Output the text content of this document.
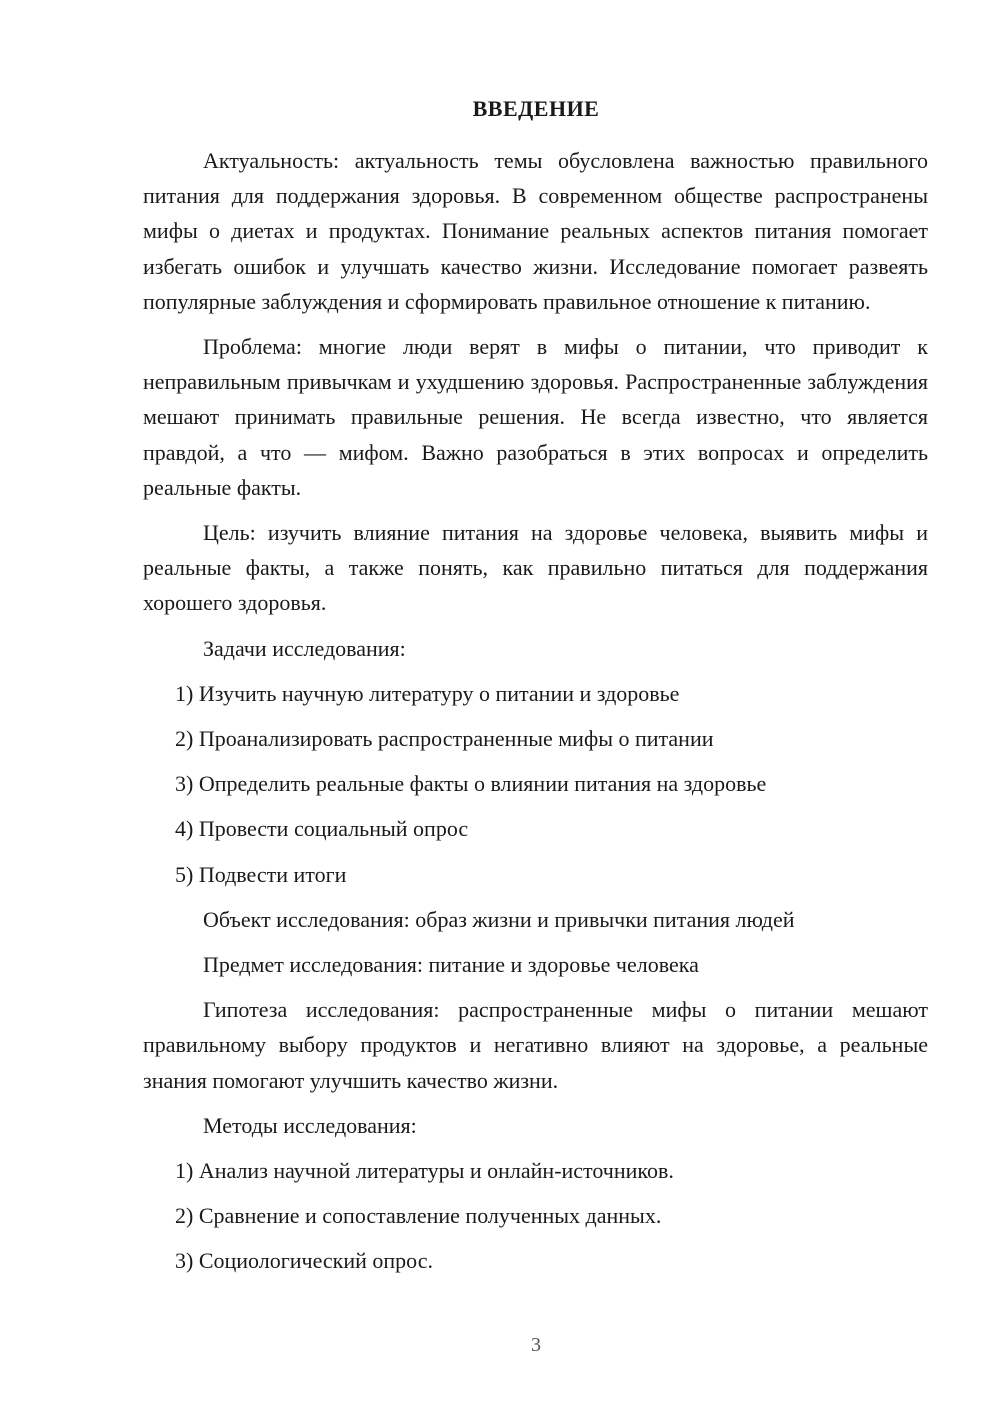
ВВЕДЕНИЕ

Актуальность: актуальность темы обусловлена важностью правильного питания для поддержания здоровья. В современном обществе распространены мифы о диетах и продуктах. Понимание реальных аспектов питания помогает избегать ошибок и улучшать качество жизни. Исследование помогает развеять популярные заблуждения и сформировать правильное отношение к питанию.

Проблема: многие люди верят в мифы о питании, что приводит к неправильным привычкам и ухудшению здоровья. Распространенные заблуждения мешают принимать правильные решения. Не всегда известно, что является правдой, а что — мифом. Важно разобраться в этих вопросах и определить реальные факты.

Цель: изучить влияние питания на здоровье человека, выявить мифы и реальные факты, а также понять, как правильно питаться для поддержания хорошего здоровья.

Задачи исследования:

1) Изучить научную литературу о питании и здоровье

2) Проанализировать распространенные мифы о питании

3) Определить реальные факты о влиянии питания на здоровье

4) Провести социальный опрос

5) Подвести итоги

Объект исследования: образ жизни и привычки питания людей

Предмет исследования: питание и здоровье человека

Гипотеза исследования: распространенные мифы о питании мешают правильному выбору продуктов и негативно влияют на здоровье, а реальные знания помогают улучшить качество жизни.

Методы исследования:

1) Анализ научной литературы и онлайн-источников.

2) Сравнение и сопоставление полученных данных.

3) Социологический опрос.

3
